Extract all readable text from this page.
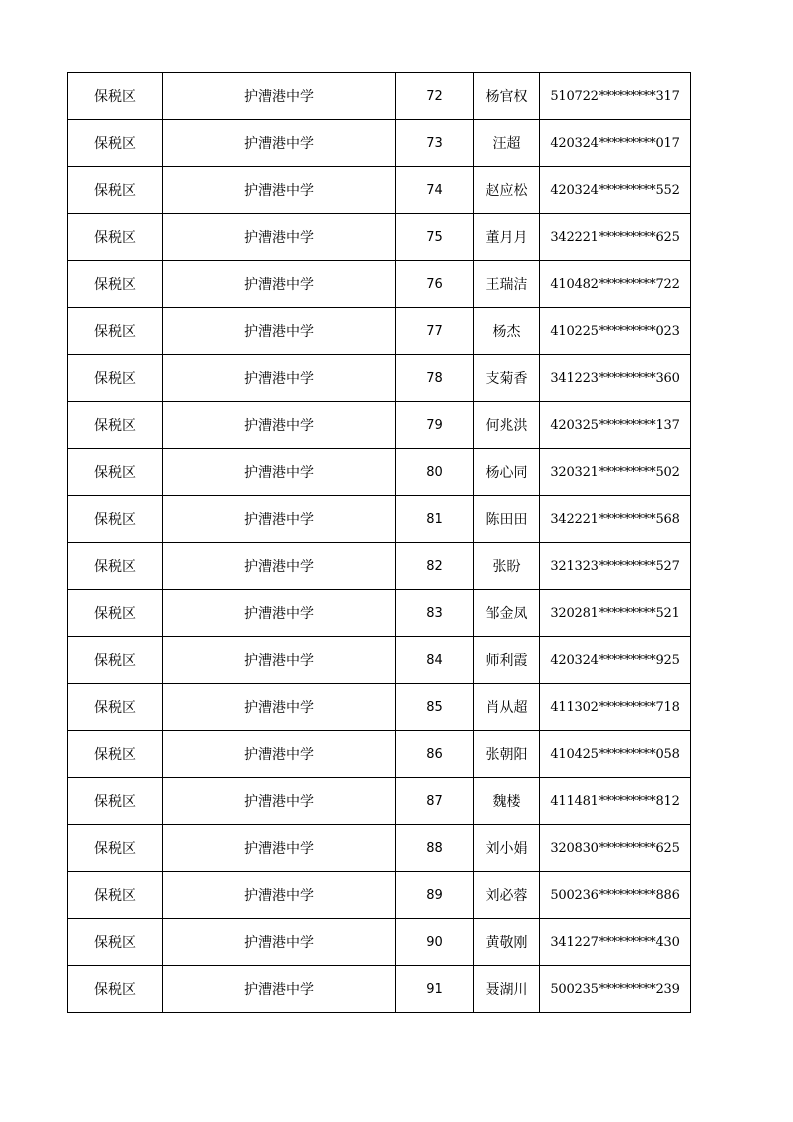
保税区	护漕港中学	72	杨官权	510722*********317
保税区	护漕港中学	73	汪超	420324*********017
保税区	护漕港中学	74	赵应松	420324*********552
保税区	护漕港中学	75	董月月	342221*********625
保税区	护漕港中学	76	王瑞洁	410482*********722
保税区	护漕港中学	77	杨杰	410225*********023
保税区	护漕港中学	78	支菊香	341223*********360
保税区	护漕港中学	79	何兆洪	420325*********137
保税区	护漕港中学	80	杨心同	320321*********502
保税区	护漕港中学	81	陈田田	342221*********568
保税区	护漕港中学	82	张盼	321323*********527
保税区	护漕港中学	83	邹金凤	320281*********521
保税区	护漕港中学	84	师利霞	420324*********925
保税区	护漕港中学	85	肖从超	411302*********718
保税区	护漕港中学	86	张朝阳	410425*********058
保税区	护漕港中学	87	魏楼	411481*********812
保税区	护漕港中学	88	刘小娟	320830*********625
保税区	护漕港中学	89	刘必蓉	500236*********886
保税区	护漕港中学	90	黄敬刚	341227*********430
保税区	护漕港中学	91	聂湖川	500235*********239
